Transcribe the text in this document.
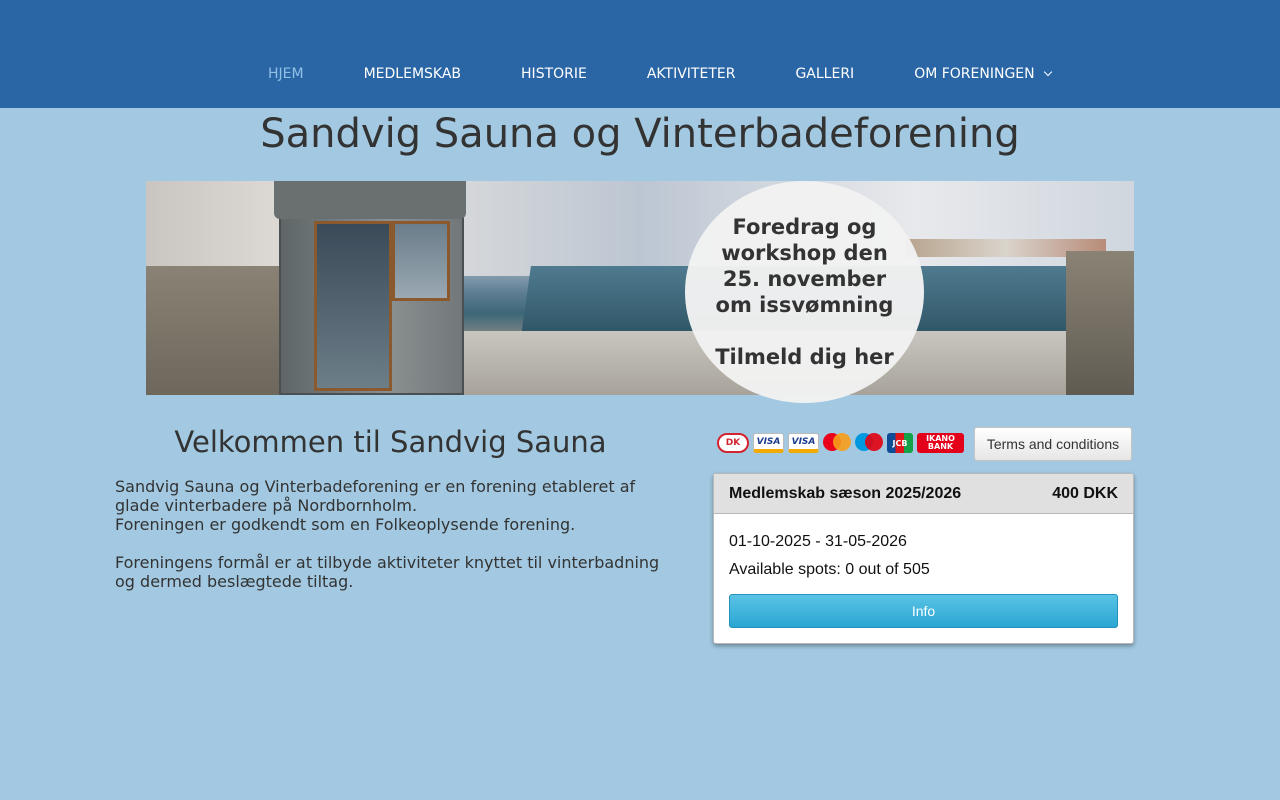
HJEM	MEDLEMSKAB	HISTORIE	AKTIVITETER	GALLERI	OM FORENINGEN
Sandvig Sauna og Vinterbadeforening
Foredrag og
workshop den
25. november
om issvømning
Tilmeld dig her
Velkommen til Sandvig Sauna

Sandvig Sauna og Vinterbadeforening er en forening etableret af glade vinterbadere på Nordbornholm.
Foreningen er godkendt som en Folkeoplysende forening.

Foreningens formål er at tilbyde aktiviteter knyttet til vinterbadning og dermed beslægtede tiltag.

DK	VISA	VISA	JCB	IKANO
BANK	Terms and conditions
Medlemskab sæson 2025/2026	400 DKK
01-10-2025 - 31-05-2026
Available spots: 0 out of 505
Info
